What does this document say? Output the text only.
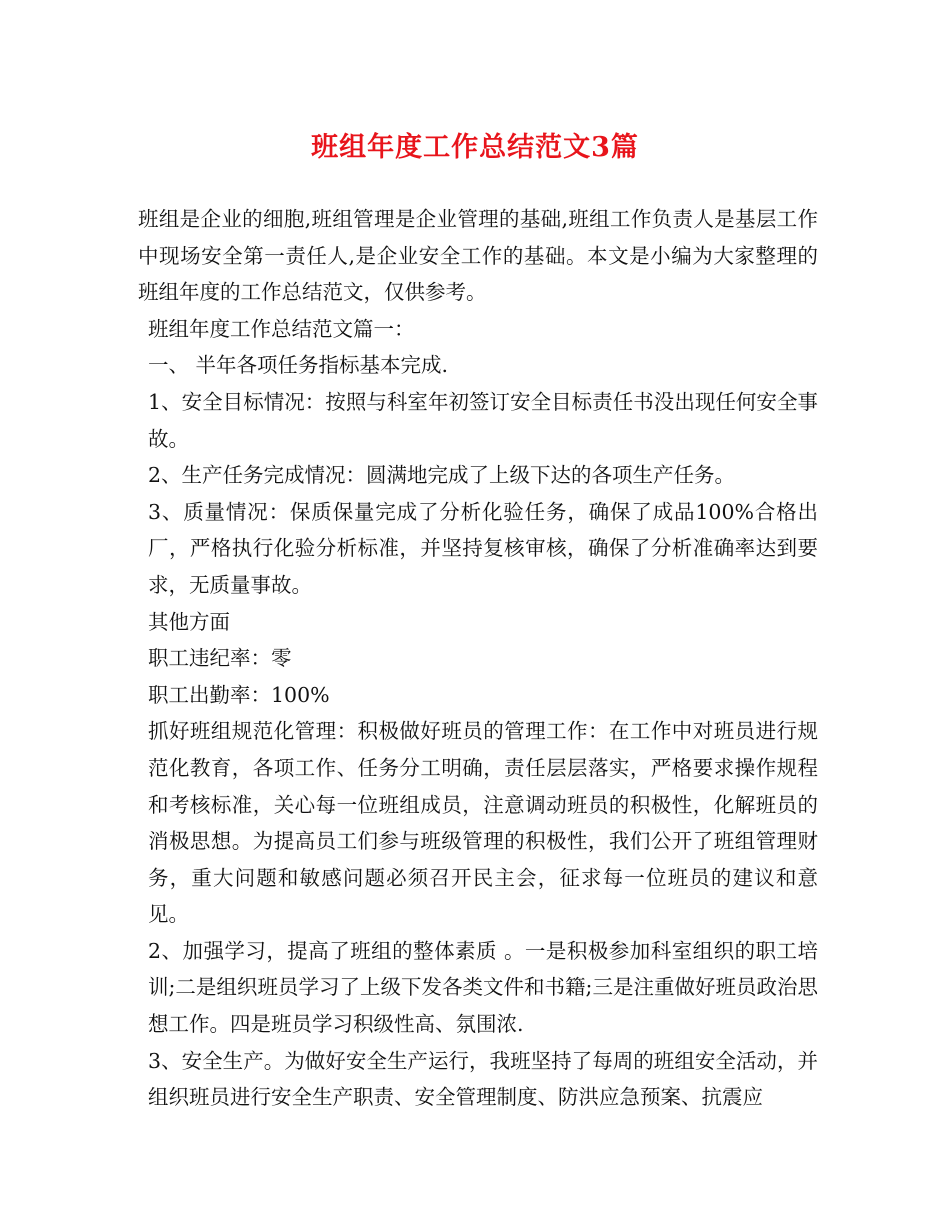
班组年度工作总结范文3篇

班组是企业的细胞,班组管理是企业管理的基础,班组工作负责人是基层工作中现场安全第一责任人,是企业安全工作的基础。本文是小编为大家整理的班组年度的工作总结范文，仅供参考。

班组年度工作总结范文篇一：

一、 半年各项任务指标基本完成.

1、安全目标情况：按照与科室年初签订安全目标责任书没出现任何安全事故。

2、生产任务完成情况：圆满地完成了上级下达的各项生产任务。

3、质量情况：保质保量完成了分析化验任务，确保了成品100%合格出厂，严格执行化验分析标准，并坚持复核审核，确保了分析准确率达到要求，无质量事故。

其他方面

职工违纪率：零

职工出勤率：100%

抓好班组规范化管理：积极做好班员的管理工作：在工作中对班员进行规范化教育，各项工作、任务分工明确，责任层层落实，严格要求操作规程和考核标准，关心每一位班组成员，注意调动班员的积极性，化解班员的消极思想。为提高员工们参与班级管理的积极性，我们公开了班组管理财务，重大问题和敏感问题必须召开民主会，征求每一位班员的建议和意见。

2、加强学习，提高了班组的整体素质 。一是积极参加科室组织的职工培训;二是组织班员学习了上级下发各类文件和书籍;三是注重做好班员政治思想工作。四是班员学习积级性高、氛围浓.

3、安全生产。为做好安全生产运行，我班坚持了每周的班组安全活动，并组织班员进行安全生产职责、安全管理制度、防洪应急预案、抗震应
